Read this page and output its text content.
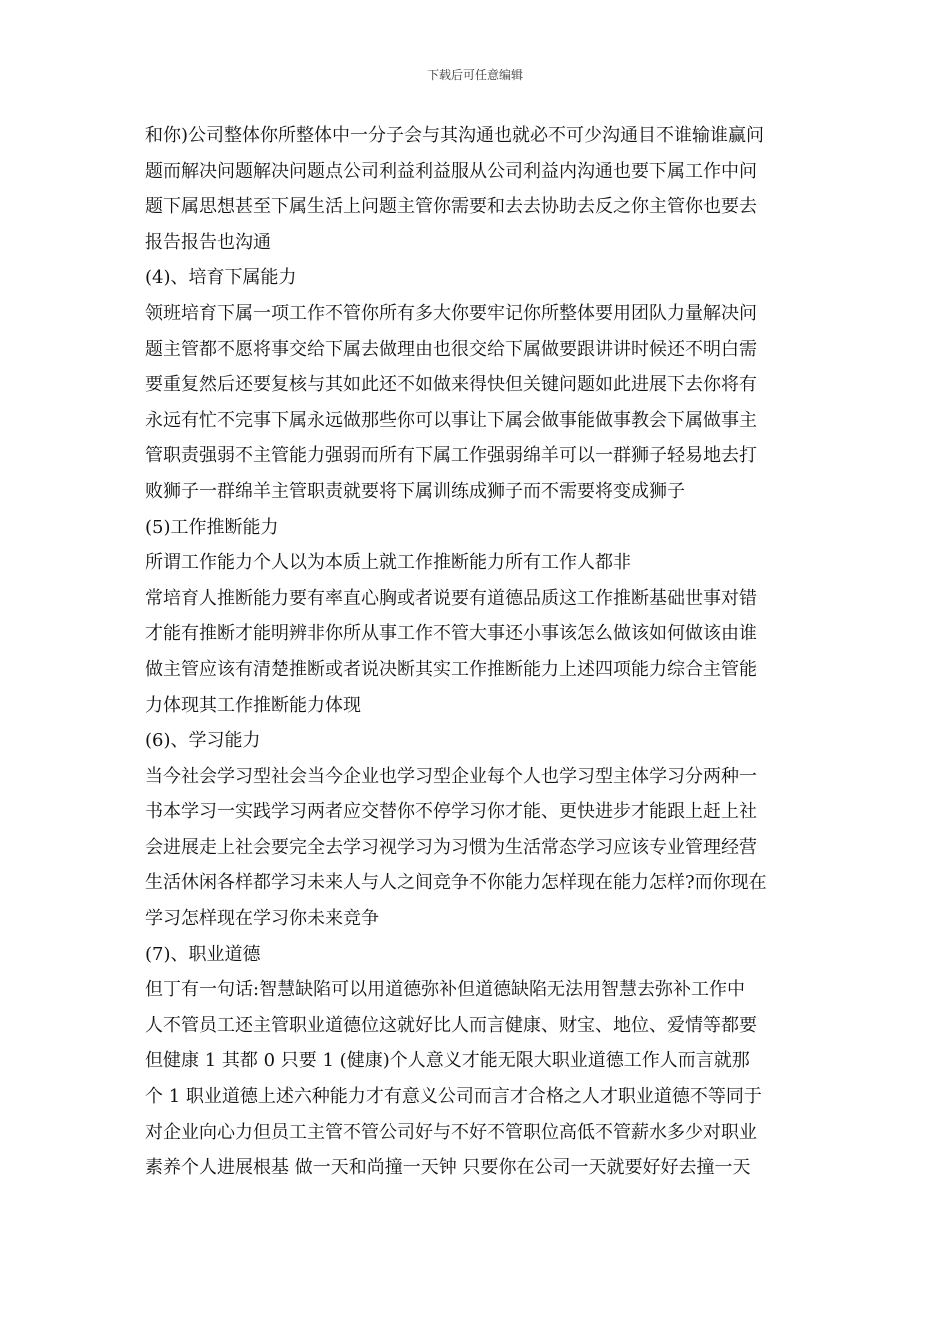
下载后可任意编辑
和你)公司整体你所整体中一分子会与其沟通也就必不可少沟通目不谁输谁赢问
题而解决问题解决问题点公司利益利益服从公司利益内沟通也要下属工作中问
题下属思想甚至下属生活上问题主管你需要和去去协助去反之你主管你也要去
报告报告也沟通
(4)、培育下属能力
领班培育下属一项工作不管你所有多大你要牢记你所整体要用团队力量解决问
题主管都不愿将事交给下属去做理由也很交给下属做要跟讲讲时候还不明白需
要重复然后还要复核与其如此还不如做来得快但关键问题如此进展下去你将有
永远有忙不完事下属永远做那些你可以事让下属会做事能做事教会下属做事主
管职责强弱不主管能力强弱而所有下属工作强弱绵羊可以一群狮子轻易地去打
败狮子一群绵羊主管职责就要将下属训练成狮子而不需要将变成狮子
(5)工作推断能力
所谓工作能力个人以为本质上就工作推断能力所有工作人都非
常培育人推断能力要有率直心胸或者说要有道德品质这工作推断基础世事对错
才能有推断才能明辨非你所从事工作不管大事还小事该怎么做该如何做该由谁
做主管应该有清楚推断或者说决断其实工作推断能力上述四项能力综合主管能
力体现其工作推断能力体现
(6)、学习能力
当今社会学习型社会当今企业也学习型企业每个人也学习型主体学习分两种一
书本学习一实践学习两者应交替你不停学习你才能、更快进步才能跟上赶上社
会进展走上社会要完全去学习视学习为习惯为生活常态学习应该专业管理经营
生活休闲各样都学习未来人与人之间竞争不你能力怎样现在能力怎样?而你现在
学习怎样现在学习你未来竞争
(7)、职业道德
但丁有一句话:智慧缺陷可以用道德弥补但道德缺陷无法用智慧去弥补工作中
人不管员工还主管职业道德位这就好比人而言健康、财宝、地位、爱情等都要
但健康 1 其都 0 只要 1 (健康)个人意义才能无限大职业道德工作人而言就那
个 1 职业道德上述六种能力才有意义公司而言才合格之人才职业道德不等同于
对企业向心力但员工主管不管公司好与不好不管职位高低不管薪水多少对职业
素养个人进展根基 做一天和尚撞一天钟 只要你在公司一天就要好好去撞一天
